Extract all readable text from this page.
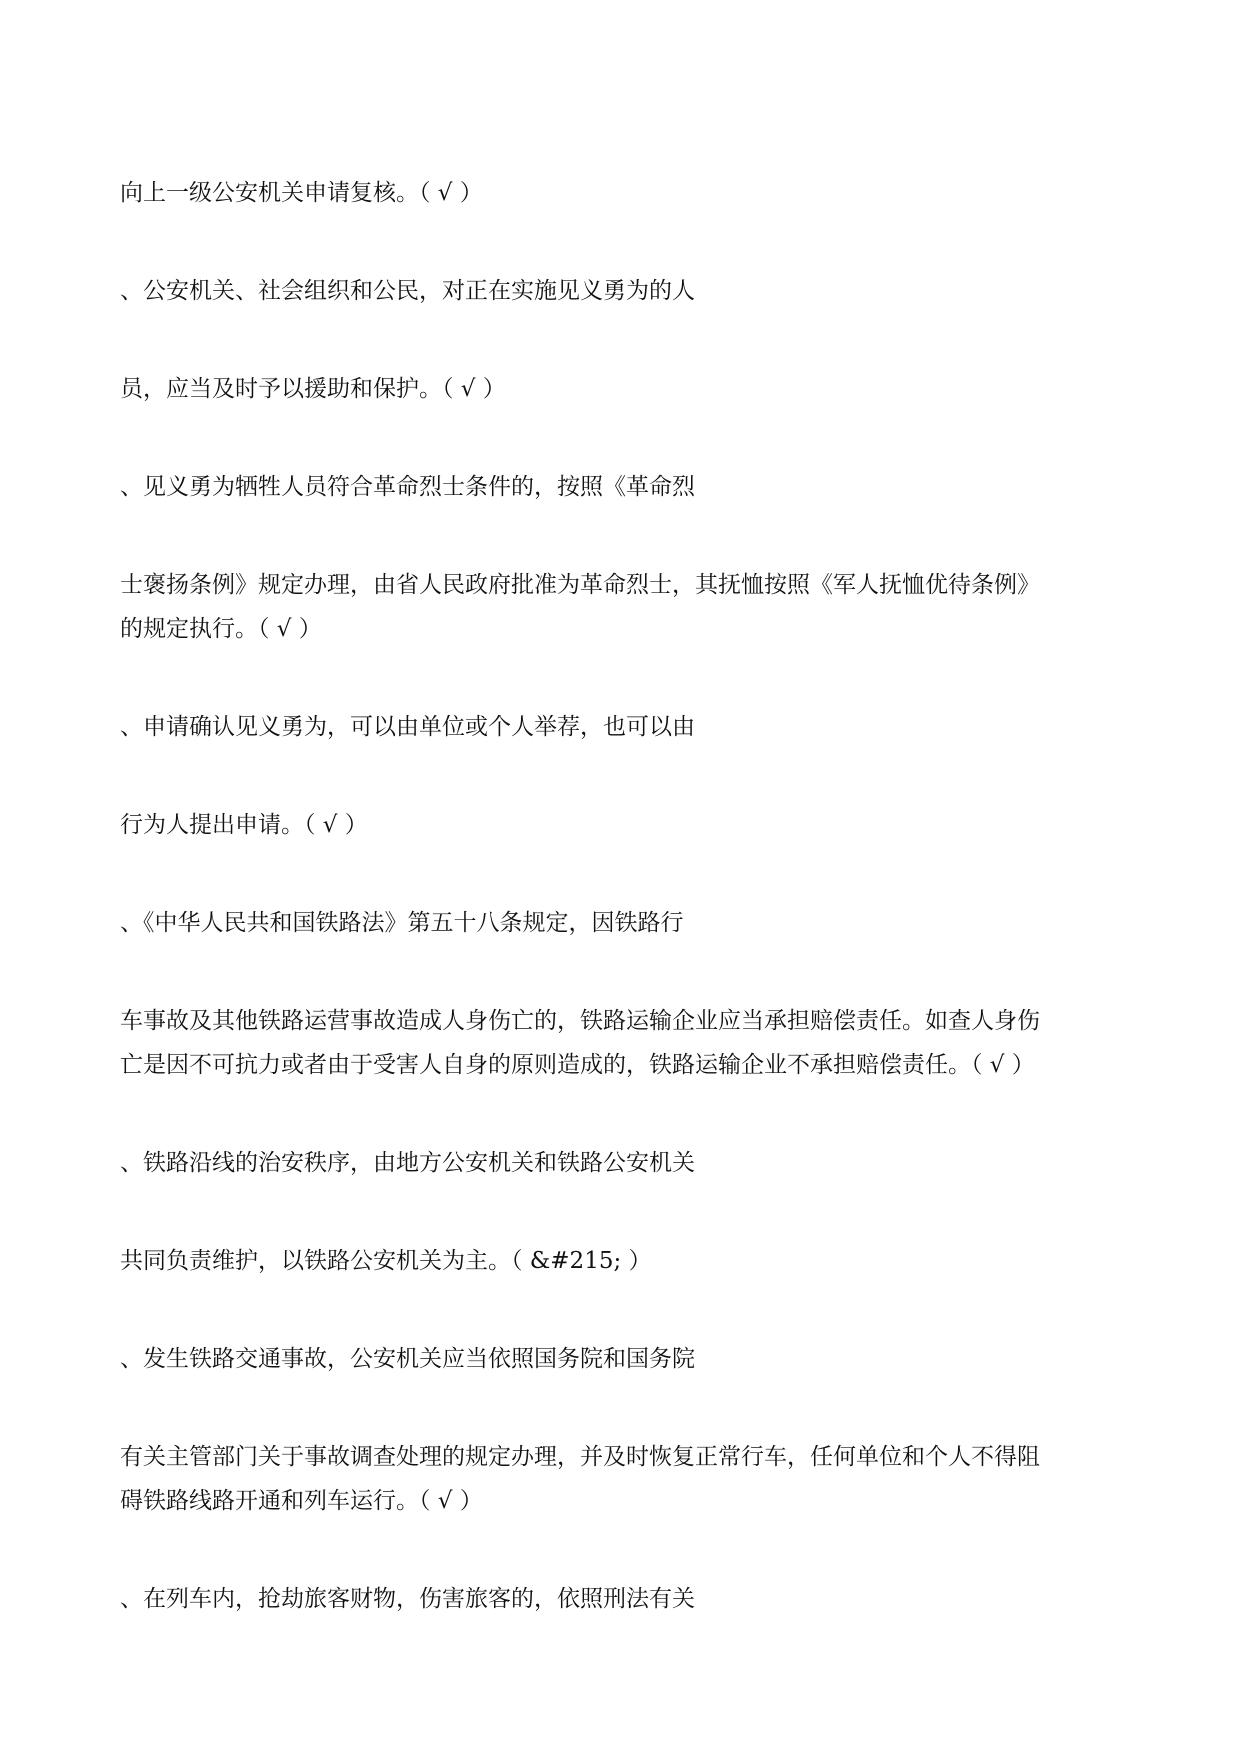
向上一级公安机关申请复核。（ √ ）
、公安机关、社会组织和公民，对正在实施见义勇为的人
员，应当及时予以援助和保护。（ √ ）
、见义勇为牺牲人员符合革命烈士条件的，按照《革命烈
士褒扬条例》规定办理，由省人民政府批准为革命烈士，其抚恤按照《军人抚恤优待条例》
的规定执行。（ √ ）
、申请确认见义勇为，可以由单位或个人举荐，也可以由
行为人提出申请。（ √ ）
、《中华人民共和国铁路法》第五十八条规定，因铁路行
车事故及其他铁路运营事故造成人身伤亡的，铁路运输企业应当承担赔偿责任。如查人身伤
亡是因不可抗力或者由于受害人自身的原则造成的，铁路运输企业不承担赔偿责任。（ √ ）
、铁路沿线的治安秩序，由地方公安机关和铁路公安机关
共同负责维护，以铁路公安机关为主。（ &#215; ）
、发生铁路交通事故，公安机关应当依照国务院和国务院
有关主管部门关于事故调查处理的规定办理，并及时恢复正常行车，任何单位和个人不得阻
碍铁路线路开通和列车运行。（ √ ）
、在列车内，抢劫旅客财物，伤害旅客的，依照刑法有关
